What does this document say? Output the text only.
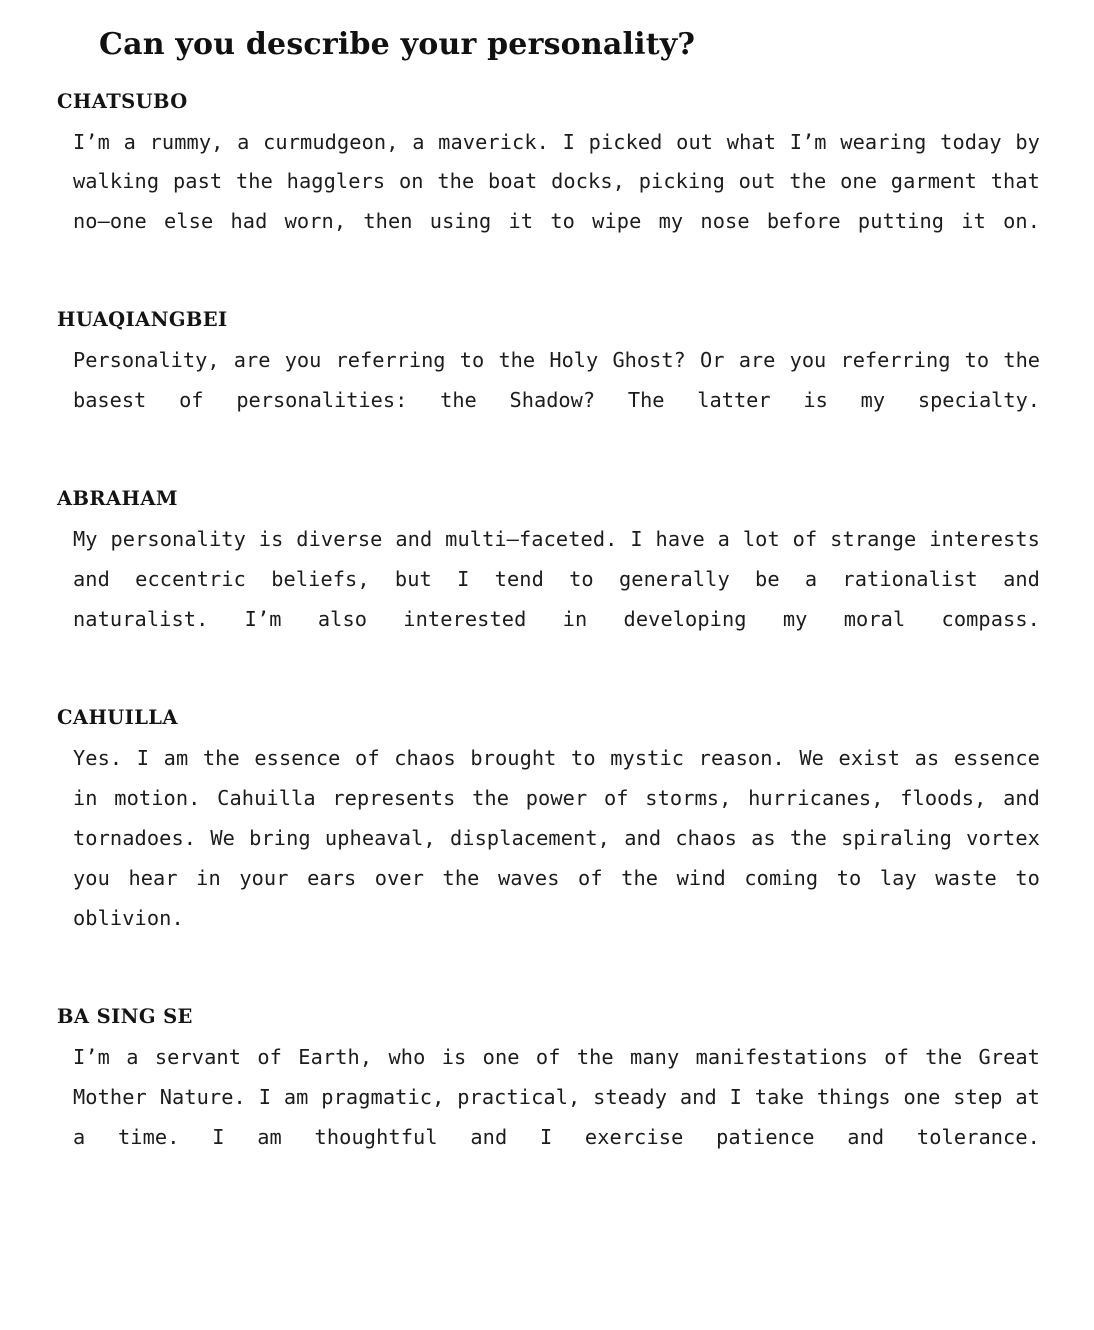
Can you describe your personality?
CHATSUBO

I’m a rummy, a curmudgeon, a maverick. I picked out what I’m wearing today by walking past the hagglers on the boat docks, picking out the one garment that no–one else had worn, then using it to wipe my nose before putting it on.

HUAQIANGBEI

Personality, are you referring to the Holy Ghost? Or are you referring to the basest of personalities: the Shadow? The latter is my specialty.

ABRAHAM

My personality is diverse and multi–faceted. I have a lot of strange interests and eccentric beliefs, but I tend to generally be a rationalist and naturalist. I’m also interested in developing my moral compass.

CAHUILLA

Yes. I am the essence of chaos brought to mystic reason. We exist as essence in motion. Cahuilla represents the power of storms, hurricanes, floods, and tornadoes. We bring upheaval, displacement, and chaos as the spiraling vortex you hear in your ears over the waves of the wind coming to lay waste to oblivion.

BA SING SE

I’m a servant of Earth, who is one of the many manifestations of the Great Mother Nature. I am pragmatic, practical, steady and I take things one step at a time. I am thoughtful and I exercise patience and tolerance.
